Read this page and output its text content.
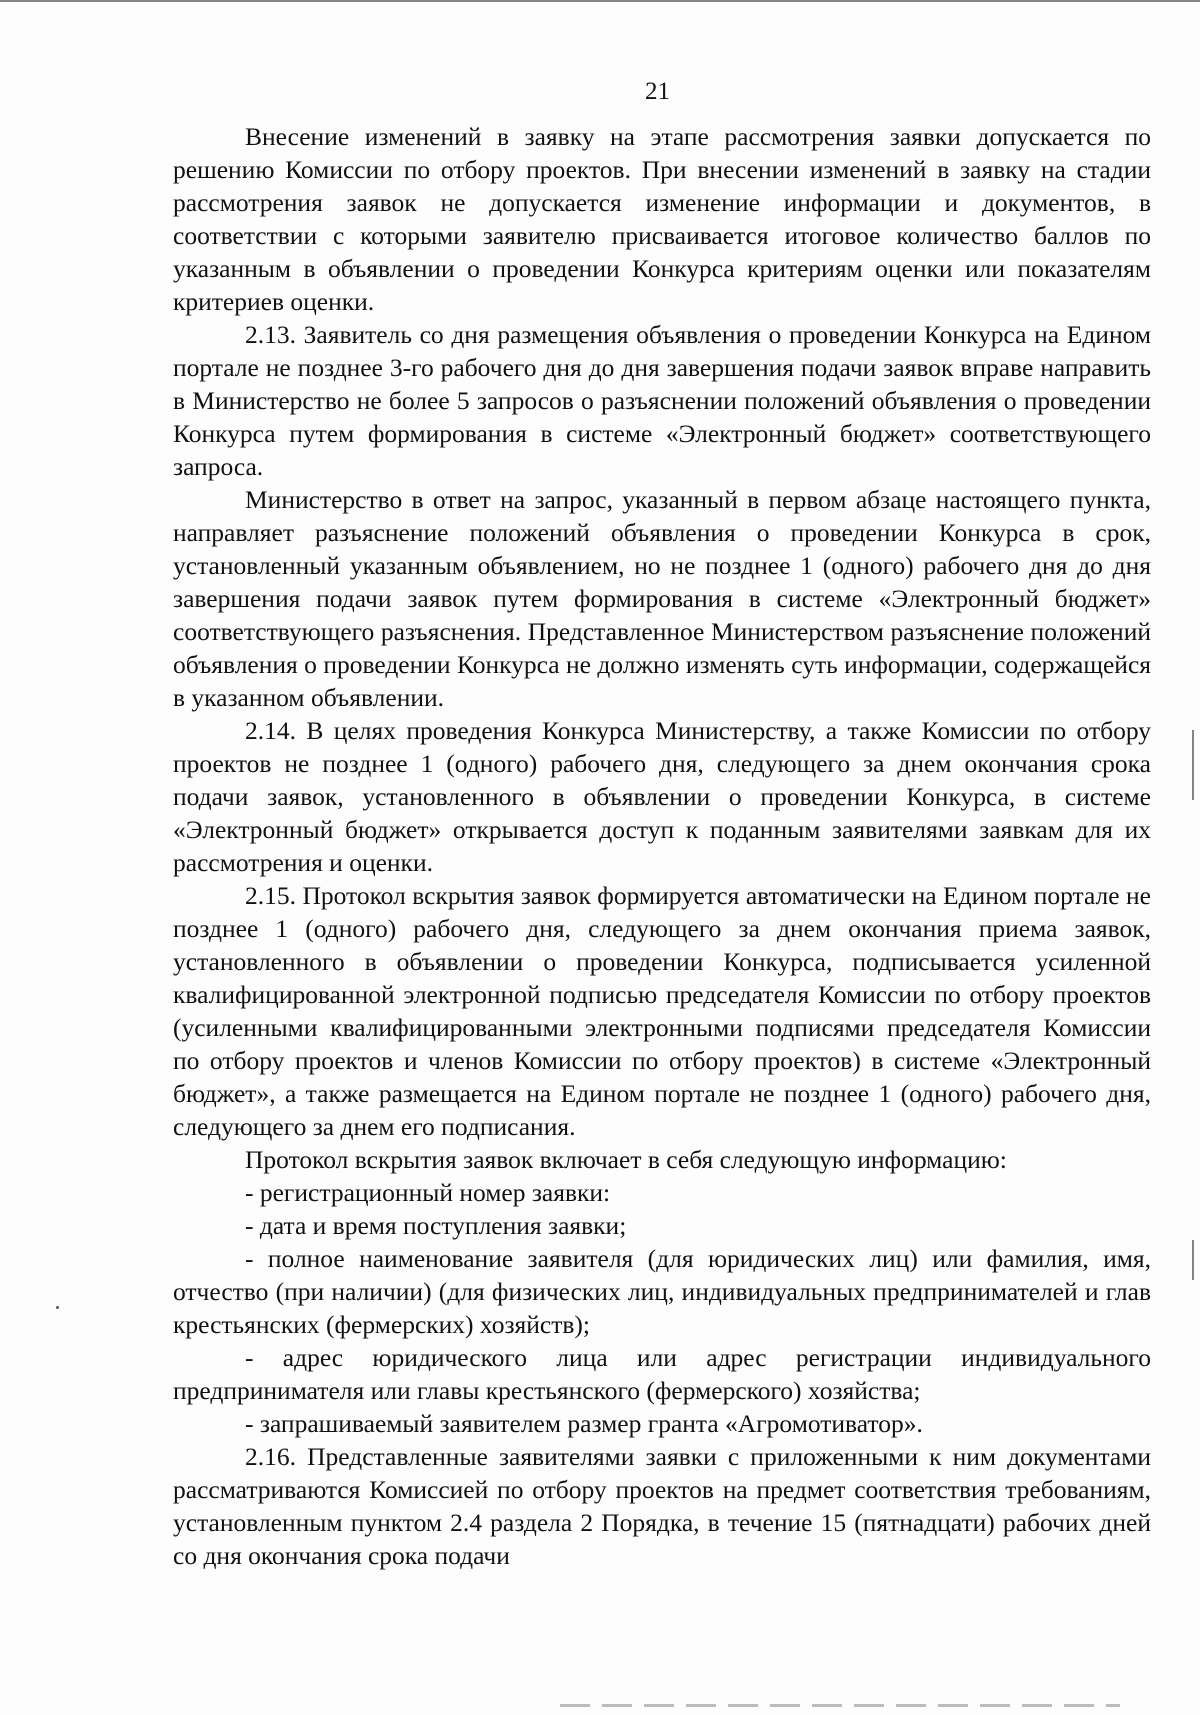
21

Внесение изменений в заявку на этапе рассмотрения заявки допускается по решению Комиссии по отбору проектов. При внесении изменений в заявку на стадии рассмотрения заявок не допускается изменение информации и документов, в соответствии с которыми заявителю присваивается итоговое количество баллов по указанным в объявлении о проведении Конкурса критериям оценки или показателям критериев оценки.

2.13. Заявитель со дня размещения объявления о проведении Конкурса на Едином портале не позднее 3-го рабочего дня до дня завершения подачи заявок вправе направить в Министерство не более 5 запросов о разъяснении положений объявления о проведении Конкурса путем формирования в системе «Электронный бюджет» соответствующего запроса.

Министерство в ответ на запрос, указанный в первом абзаце настоящего пункта, направляет разъяснение положений объявления о проведении Конкурса в срок, установленный указанным объявлением, но не позднее 1 (одного) рабочего дня до дня завершения подачи заявок путем формирования в системе «Электронный бюджет» соответствующего разъяснения. Представленное Министерством разъяснение положений объявления о проведении Конкурса не должно изменять суть информации, содержащейся в указанном объявлении.

2.14. В целях проведения Конкурса Министерству, а также Комиссии по отбору проектов не позднее 1 (одного) рабочего дня, следующего за днем окончания срока подачи заявок, установленного в объявлении о проведении Конкурса, в системе «Электронный бюджет» открывается доступ к поданным заявителями заявкам для их рассмотрения и оценки.

2.15. Протокол вскрытия заявок формируется автоматически на Едином портале не позднее 1 (одного) рабочего дня, следующего за днем окончания приема заявок, установленного в объявлении о проведении Конкурса, подписывается усиленной квалифицированной электронной подписью председателя Комиссии по отбору проектов (усиленными квалифицированными электронными подписями председателя Комиссии по отбору проектов и членов Комиссии по отбору проектов) в системе «Электронный бюджет», а также размещается на Едином портале не позднее 1 (одного) рабочего дня, следующего за днем его подписания.

Протокол вскрытия заявок включает в себя следующую информацию:

- регистрационный номер заявки:

- дата и время поступления заявки;

- полное наименование заявителя (для юридических лиц) или фамилия, имя, отчество (при наличии) (для физических лиц, индивидуальных предпринимателей и глав крестьянских (фермерских) хозяйств);

- адрес юридического лица или адрес регистрации индивидуального предпринимателя или главы крестьянского (фермерского) хозяйства;

- запрашиваемый заявителем размер гранта «Агромотиватор».

2.16. Представленные заявителями заявки с приложенными к ним документами рассматриваются Комиссией по отбору проектов на предмет соответствия требованиям, установленным пунктом 2.4 раздела 2 Порядка, в течение 15 (пятнадцати) рабочих дней со дня окончания срока подачи
